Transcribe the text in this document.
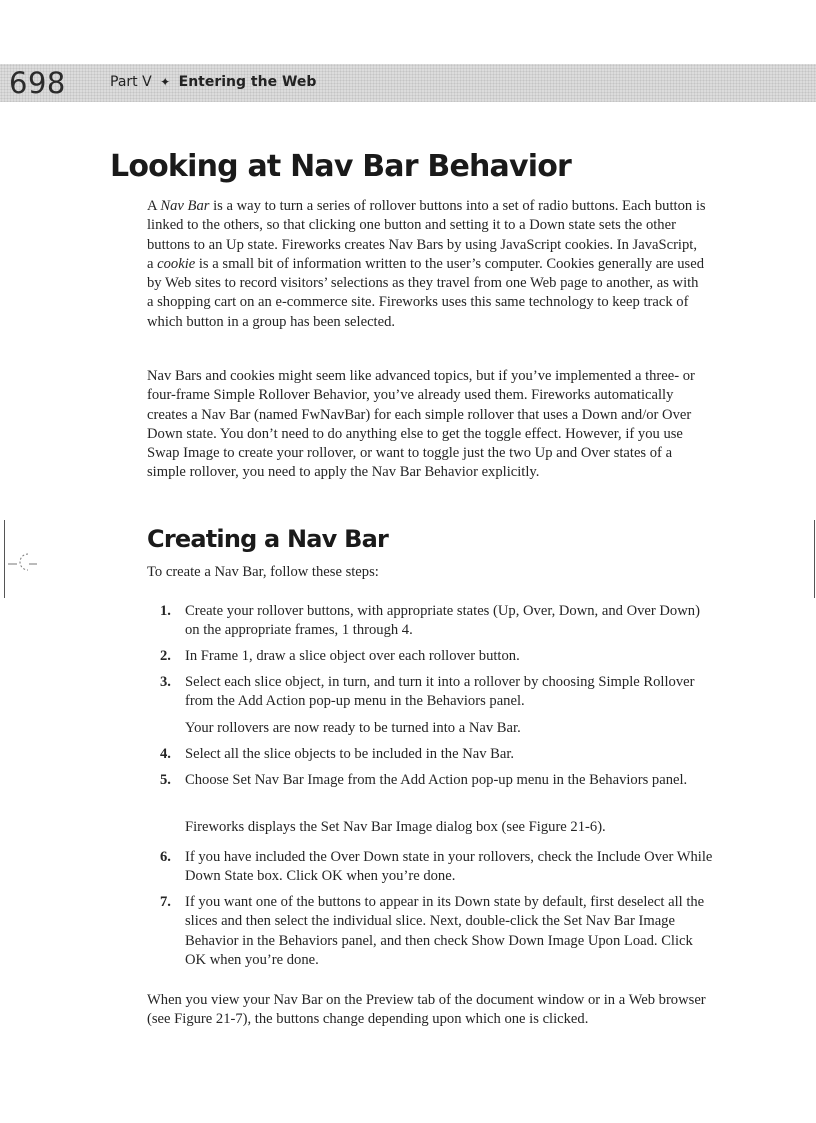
698	Part V ✦ Entering the Web
Looking at Nav Bar Behavior

A Nav Bar is a way to turn a series of rollover buttons into a set of radio buttons. Each button is linked to the others, so that clicking one button and setting it to a Down state sets the other buttons to an Up state. Fireworks creates Nav Bars by using JavaScript cookies. In JavaScript, a cookie is a small bit of information written to the user’s computer. Cookies generally are used by Web sites to record visitors’ selections as they travel from one Web page to another, as with a shopping cart on an e-commerce site. Fireworks uses this same technology to keep track of which button in a group has been selected.

Nav Bars and cookies might seem like advanced topics, but if you’ve implemented a three- or four-frame Simple Rollover Behavior, you’ve already used them. Fireworks automatically creates a Nav Bar (named FwNavBar) for each simple rollover that uses a Down and/or Over Down state. You don’t need to do anything else to get the toggle effect. However, if you use Swap Image to create your rollover, or want to toggle just the two Up and Over states of a simple rollover, you need to apply the Nav Bar Behavior explicitly.

Creating a Nav Bar

To create a Nav Bar, follow these steps:

1. Create your rollover buttons, with appropriate states (Up, Over, Down, and Over Down) on the appropriate frames, 1 through 4.
2. In Frame 1, draw a slice object over each rollover button.
3. Select each slice object, in turn, and turn it into a rollover by choosing Simple Rollover from the Add Action pop-up menu in the Behaviors panel.

Your rollovers are now ready to be turned into a Nav Bar.

4. Select all the slice objects to be included in the Nav Bar.
5. Choose Set Nav Bar Image from the Add Action pop-up menu in the Behaviors panel.

Fireworks displays the Set Nav Bar Image dialog box (see Figure 21-6).

6. If you have included the Over Down state in your rollovers, check the Include Over While Down State box. Click OK when you’re done.
7. If you want one of the buttons to appear in its Down state by default, first deselect all the slices and then select the individual slice. Next, double-click the Set Nav Bar Image Behavior in the Behaviors panel, and then check Show Down Image Upon Load. Click OK when you’re done.

When you view your Nav Bar on the Preview tab of the document window or in a Web browser (see Figure 21-7), the buttons change depending upon which one is clicked.
